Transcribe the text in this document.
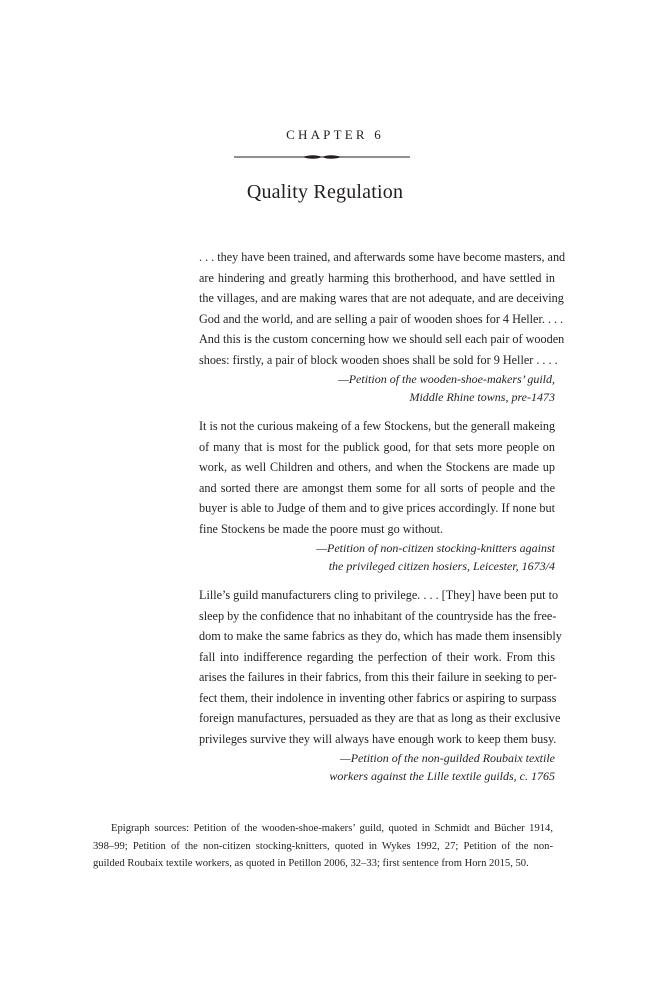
CHAPTER 6
Quality Regulation
. . . they have been trained, and afterwards some have become masters, and
are hindering and greatly harming this brotherhood, and have settled in
the villages, and are making wares that are not adequate, and are deceiving
God and the world, and are selling a pair of wooden shoes for 4 Heller. . . .
And this is the custom concerning how we should sell each pair of wooden
shoes: firstly, a pair of block wooden shoes shall be sold for 9 Heller . . . .
—Petition of the wooden-shoe-makers’ guild,
Middle Rhine towns, pre-1473
It is not the curious makeing of a few Stockens, but the generall makeing
of many that is most for the publick good, for that sets more people on
work, as well Children and others, and when the Stockens are made up
and sorted there are amongst them some for all sorts of people and the
buyer is able to Judge of them and to give prices accordingly. If none but
fine Stockens be made the poore must go without.
—Petition of non-citizen stocking-knitters against
the privileged citizen hosiers, Leicester, 1673/4
Lille’s guild manufacturers cling to privilege. . . . [They] have been put to
sleep by the confidence that no inhabitant of the countryside has the free-
dom to make the same fabrics as they do, which has made them insensibly
fall into indifference regarding the perfection of their work. From this
arises the failures in their fabrics, from this their failure in seeking to per-
fect them, their indolence in inventing other fabrics or aspiring to surpass
foreign manufactures, persuaded as they are that as long as their exclusive
privileges survive they will always have enough work to keep them busy.
—Petition of the non-guilded Roubaix textile
workers against the Lille textile guilds, c. 1765
Epigraph sources: Petition of the wooden-shoe-makers’ guild, quoted in Schmidt and Bücher 1914,
398–99; Petition of the non-citizen stocking-knitters, quoted in Wykes 1992, 27; Petition of the non-
guilded Roubaix textile workers, as quoted in Petillon 2006, 32–33; first sentence from Horn 2015, 50.
